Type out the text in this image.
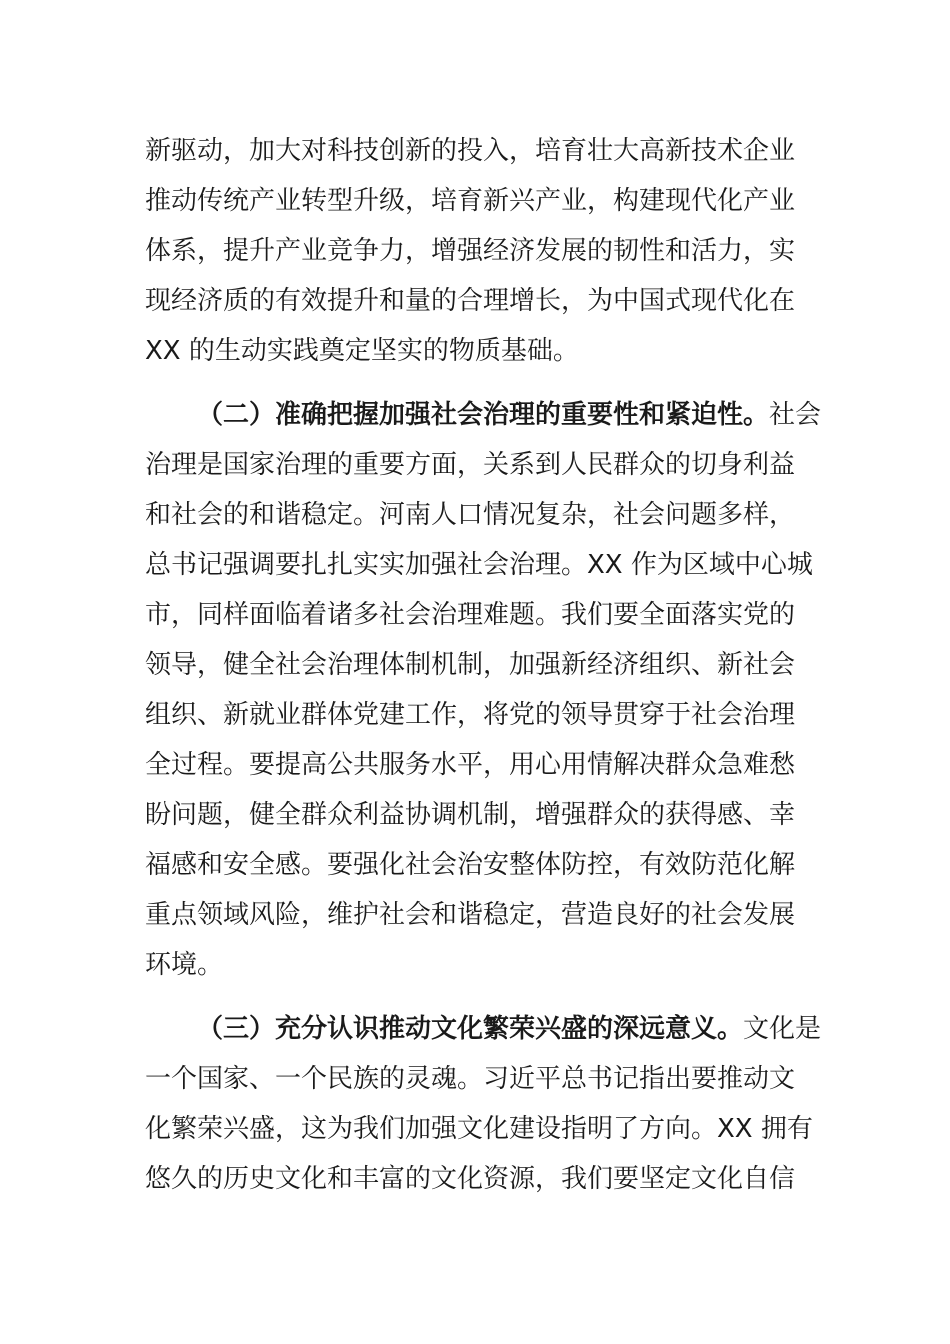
新驱动，加大对科技创新的投入，培育壮大高新技术企业
推动传统产业转型升级，培育新兴产业，构建现代化产业
体系，提升产业竞争力，增强经济发展的韧性和活力，实
现经济质的有效提升和量的合理增长，为中国式现代化在
XX 的生动实践奠定坚实的物质基础。

（二）准确把握加强社会治理的重要性和紧迫性。社会
治理是国家治理的重要方面，关系到人民群众的切身利益
和社会的和谐稳定。河南人口情况复杂，社会问题多样，
总书记强调要扎扎实实加强社会治理。XX 作为区域中心城
市，同样面临着诸多社会治理难题。我们要全面落实党的
领导，健全社会治理体制机制，加强新经济组织、新社会
组织、新就业群体党建工作，将党的领导贯穿于社会治理
全过程。要提高公共服务水平，用心用情解决群众急难愁
盼问题，健全群众利益协调机制，增强群众的获得感、幸
福感和安全感。要强化社会治安整体防控，有效防范化解
重点领域风险，维护社会和谐稳定，营造良好的社会发展
环境。

（三）充分认识推动文化繁荣兴盛的深远意义。文化是
一个国家、一个民族的灵魂。习近平总书记指出要推动文
化繁荣兴盛，这为我们加强文化建设指明了方向。XX 拥有
悠久的历史文化和丰富的文化资源，我们要坚定文化自信
